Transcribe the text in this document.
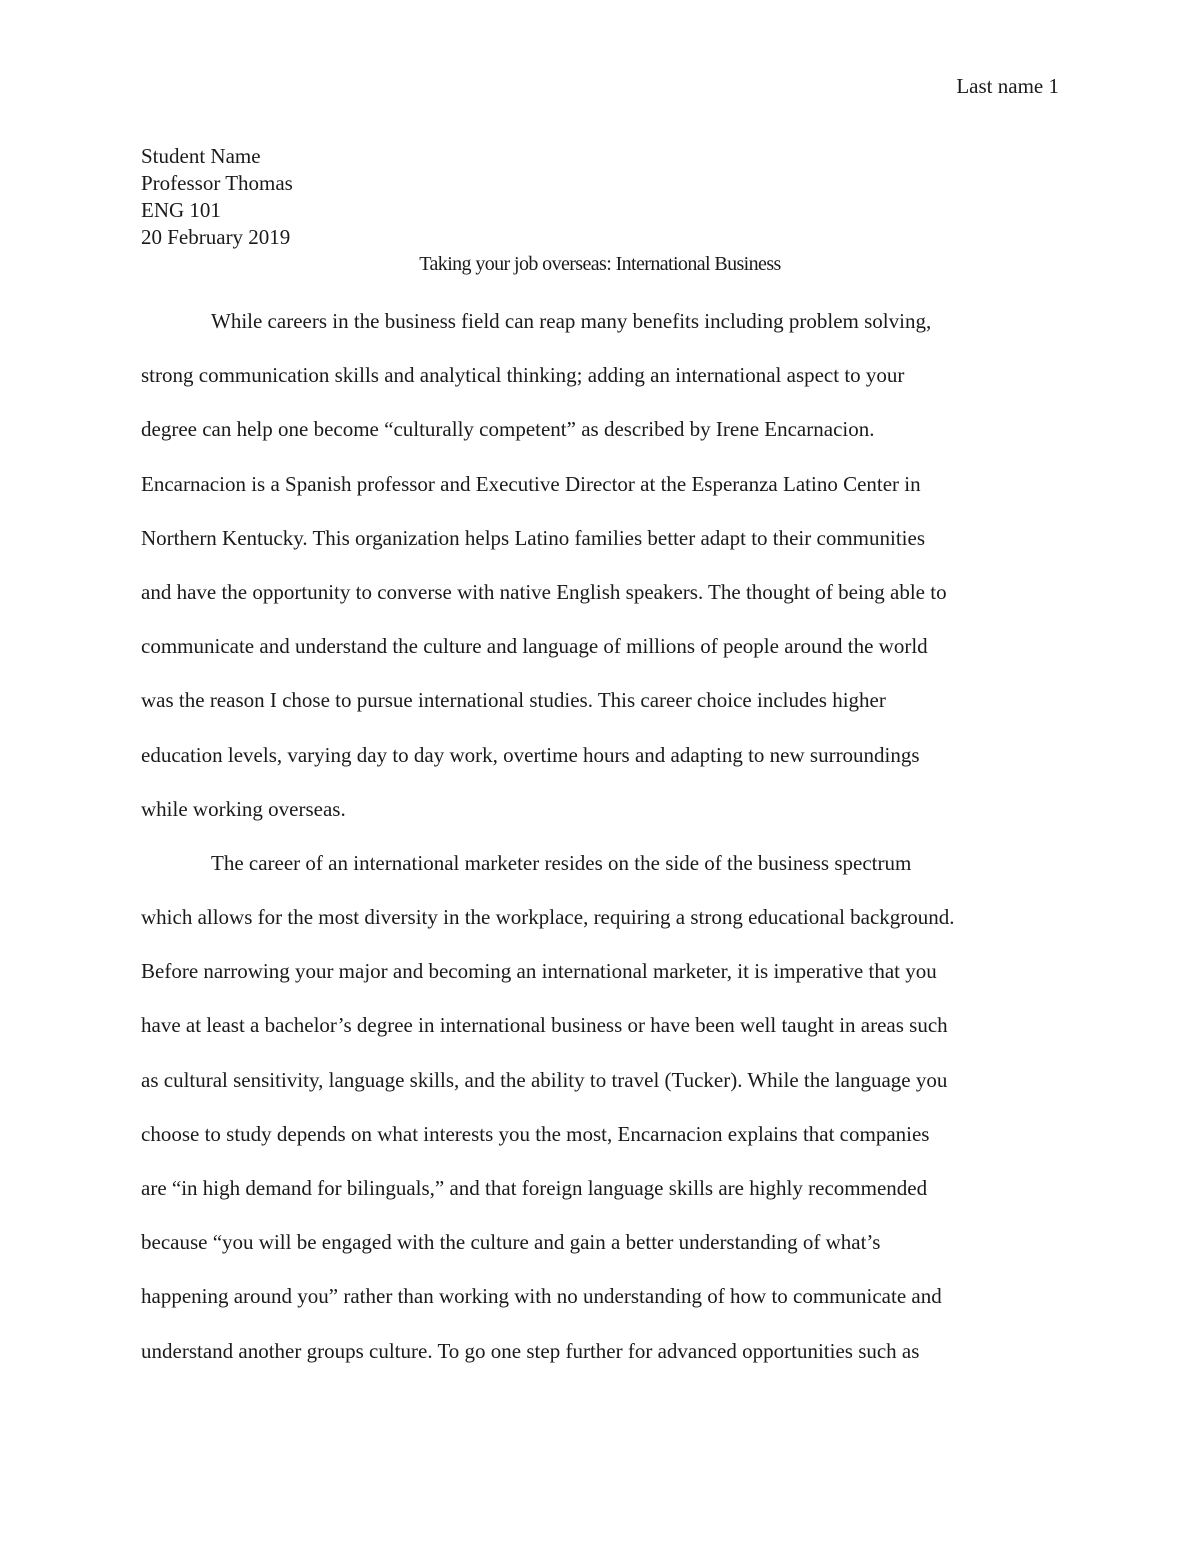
Last name 1
Student Name
Professor Thomas
ENG 101
20 February 2019
Taking your job overseas: International Business
While careers in the business field can reap many benefits including problem solving,
strong communication skills and analytical thinking; adding an international aspect to your
degree can help one become “culturally competent” as described by Irene Encarnacion.
Encarnacion is a Spanish professor and Executive Director at the Esperanza Latino Center in
Northern Kentucky. This organization helps Latino families better adapt to their communities
and have the opportunity to converse with native English speakers. The thought of being able to
communicate and understand the culture and language of millions of people around the world
was the reason I chose to pursue international studies. This career choice includes higher
education levels, varying day to day work, overtime hours and adapting to new surroundings
while working overseas.
The career of an international marketer resides on the side of the business spectrum
which allows for the most diversity in the workplace, requiring a strong educational background.
Before narrowing your major and becoming an international marketer, it is imperative that you
have at least a bachelor’s degree in international business or have been well taught in areas such
as cultural sensitivity, language skills, and the ability to travel (Tucker). While the language you
choose to study depends on what interests you the most, Encarnacion explains that companies
are “in high demand for bilinguals,” and that foreign language skills are highly recommended
because “you will be engaged with the culture and gain a better understanding of what’s
happening around you” rather than working with no understanding of how to communicate and
understand another groups culture. To go one step further for advanced opportunities such as
